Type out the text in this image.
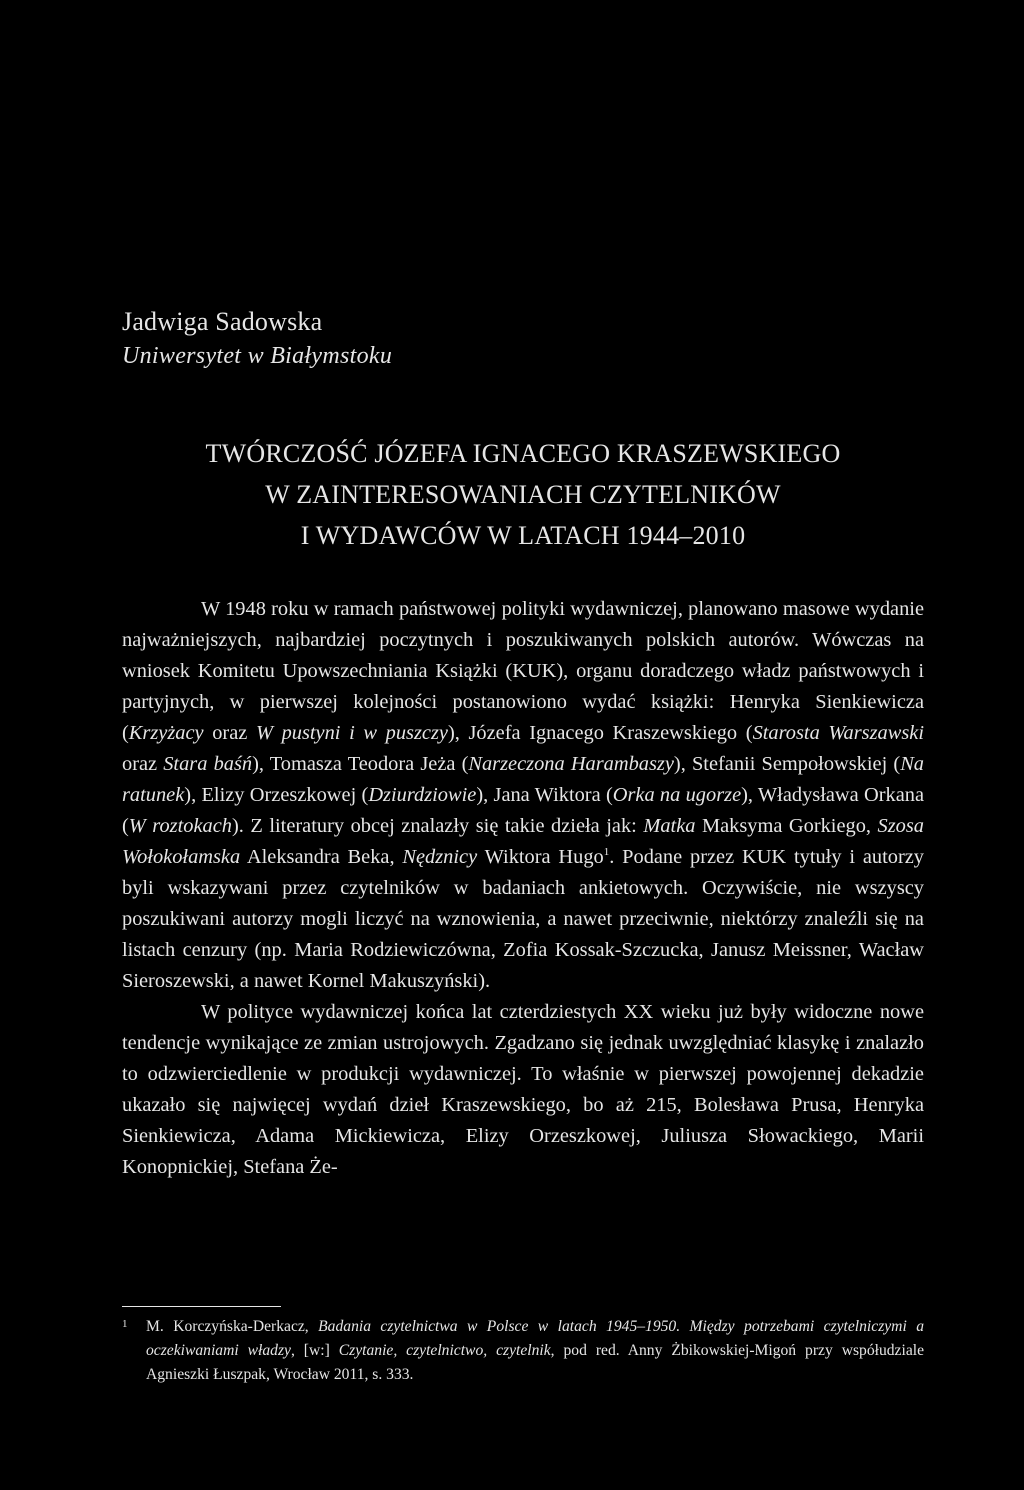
Jadwiga Sadowska
Uniwersytet w Białymstoku
TWÓRCZOŚĆ JÓZEFA IGNACEGO KRASZEWSKIEGO
W ZAINTERESOWANIACH CZYTELNIKÓW
I WYDAWCÓW W LATACH 1944–2010

W 1948 roku w ramach państwowej polityki wydawniczej, planowano masowe wydanie najważniejszych, najbardziej poczytnych i poszukiwanych polskich autorów. Wówczas na wniosek Komitetu Upowszechniania Książki (KUK), organu doradczego władz państwowych i partyjnych, w pierwszej kolejności postanowiono wydać książki: Henryka Sienkiewicza (Krzyżacy oraz W pustyni i w puszczy), Józefa Ignacego Kraszewskiego (Starosta Warszawski oraz Stara baśń), Tomasza Teodora Jeża (Narzeczona Harambaszy), Stefanii Sempołowskiej (Na ratunek), Elizy Orzeszkowej (Dziurdziowie), Jana Wiktora (Orka na ugorze), Władysława Orkana (W roztokach). Z literatury obcej znalazły się takie dzieła jak: Matka Maksyma Gorkiego, Szosa Wołokołamska Aleksandra Beka, Nędznicy Wiktora Hugo$^1$. Podane przez KUK tytuły i autorzy byli wskazywani przez czytelników w badaniach ankietowych. Oczywiście, nie wszyscy poszukiwani autorzy mogli liczyć na wznowienia, a nawet przeciwnie, niektórzy znaleźli się na listach cenzury (np. Maria Rodziewiczówna, Zofia Kossak-Szczucka, Janusz Meissner, Wacław Sieroszewski, a nawet Kornel Makuszyński).

W polityce wydawniczej końca lat czterdziestych XX wieku już były widoczne nowe tendencje wynikające ze zmian ustrojowych. Zgadzano się jednak uwzględniać klasykę i znalazło to odzwierciedlenie w produkcji wydawniczej. To właśnie w pierwszej powojennej dekadzie ukazało się najwięcej wydań dzieł Kraszewskiego, bo aż 215, Bolesława Prusa, Henryka Sienkiewicza, Adama Mickiewicza, Elizy Orzeszkowej, Juliusza Słowackiego, Marii Konopnickiej, Stefana Że-

1	M. Korczyńska-Derkacz, Badania czytelnictwa w Polsce w latach 1945–1950. Między potrzebami czytelniczymi a oczekiwaniami władzy, [w:] Czytanie, czytelnictwo, czytelnik, pod red. Anny Żbikowskiej-Migoń przy współudziale Agnieszki Łuszpak, Wrocław 2011, s. 333.
